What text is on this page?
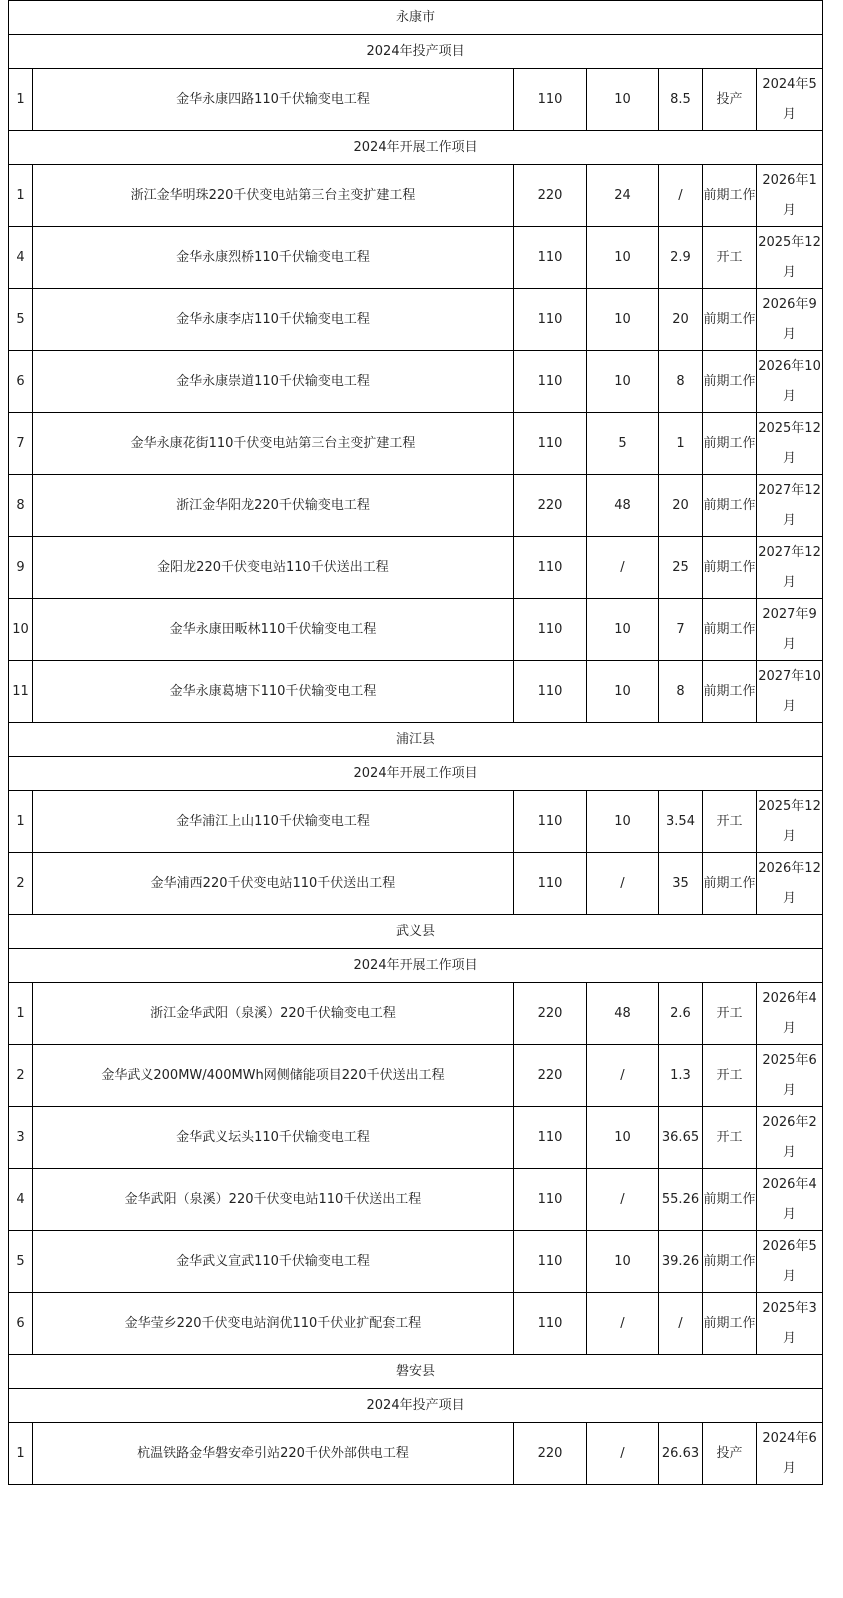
永康市						
2024年投产项目						
1	金华永康四路110千伏输变电工程	110	10	8.5	投产	2024年5月
2024年开展工作项目						
1	浙江金华明珠220千伏变电站第三台主变扩建工程	220	24	/	前期工作	2026年1月
4	金华永康烈桥110千伏输变电工程	110	10	2.9	开工	2025年12月
5	金华永康李店110千伏输变电工程	110	10	20	前期工作	2026年9月
6	金华永康崇道110千伏输变电工程	110	10	8	前期工作	2026年10月
7	金华永康花街110千伏变电站第三台主变扩建工程	110	5	1	前期工作	2025年12月
8	浙江金华阳龙220千伏输变电工程	220	48	20	前期工作	2027年12月
9	金阳龙220千伏变电站110千伏送出工程	110	/	25	前期工作	2027年12月
10	金华永康田畈林110千伏输变电工程	110	10	7	前期工作	2027年9月
11	金华永康葛塘下110千伏输变电工程	110	10	8	前期工作	2027年10月
浦江县						
2024年开展工作项目						
1	金华浦江上山110千伏输变电工程	110	10	3.54	开工	2025年12月
2	金华浦西220千伏变电站110千伏送出工程	110	/	35	前期工作	2026年12月
武义县						
2024年开展工作项目						
1	浙江金华武阳（泉溪）220千伏输变电工程	220	48	2.6	开工	2026年4月
2	金华武义200MW/400MWh网侧储能项目220千伏送出工程	220	/	1.3	开工	2025年6月
3	金华武义坛头110千伏输变电工程	110	10	36.65	开工	2026年2月
4	金华武阳（泉溪）220千伏变电站110千伏送出工程	110	/	55.26	前期工作	2026年4月
5	金华武义宣武110千伏输变电工程	110	10	39.26	前期工作	2026年5月
6	金华莹乡220千伏变电站润优110千伏业扩配套工程	110	/	/	前期工作	2025年3月
磐安县						
2024年投产项目						
1	杭温铁路金华磐安牵引站220千伏外部供电工程	220	/	26.63	投产	2024年6月
